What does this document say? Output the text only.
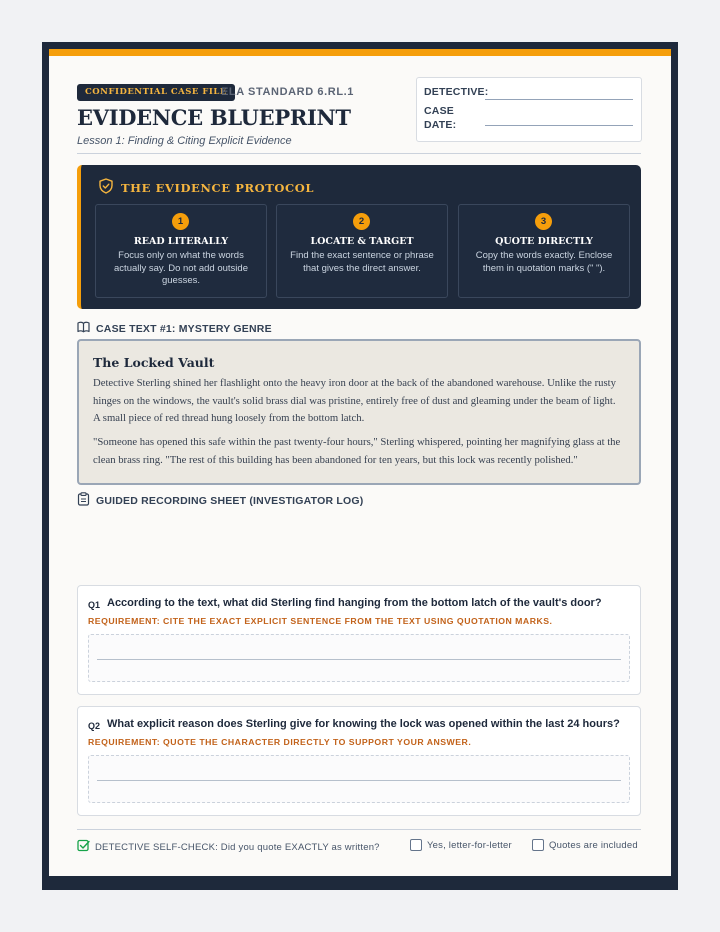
CONFIDENTIAL CASE FILE
ELA STANDARD 6.RL.1
EVIDENCE BLUEPRINT
Lesson 1: Finding & Citing Explicit Evidence
DETECTIVE:
CASE
DATE:
THE EVIDENCE PROTOCOL
1
READ LITERALLY
Focus only on what the words actually say. Do not add outside guesses.
2
LOCATE & TARGET
Find the exact sentence or phrase that gives the direct answer.
3
QUOTE DIRECTLY
Copy the words exactly. Enclose them in quotation marks (" ").
CASE TEXT #1: MYSTERY GENRE
The Locked Vault
Detective Sterling shined her flashlight onto the heavy iron door at the back of the abandoned warehouse. Unlike the rusty hinges on the windows, the vault's solid brass dial was pristine, entirely free of dust and gleaming under the beam of light. A small piece of red thread hung loosely from the bottom latch.
"Someone has opened this safe within the past twenty-four hours," Sterling whispered, pointing her magnifying glass at the clean brass ring. "The rest of this building has been abandoned for ten years, but this lock was recently polished."
GUIDED RECORDING SHEET (INVESTIGATOR LOG)
Q1 According to the text, what did Sterling find hanging from the bottom latch of the vault's door?
REQUIREMENT: CITE THE EXACT EXPLICIT SENTENCE FROM THE TEXT USING QUOTATION MARKS.
Q2 What explicit reason does Sterling give for knowing the lock was opened within the last 24 hours?
REQUIREMENT: QUOTE THE CHARACTER DIRECTLY TO SUPPORT YOUR ANSWER.
DETECTIVE SELF-CHECK: Did you quote EXACTLY as written?	Yes, letter-for-letter	Quotes are included
